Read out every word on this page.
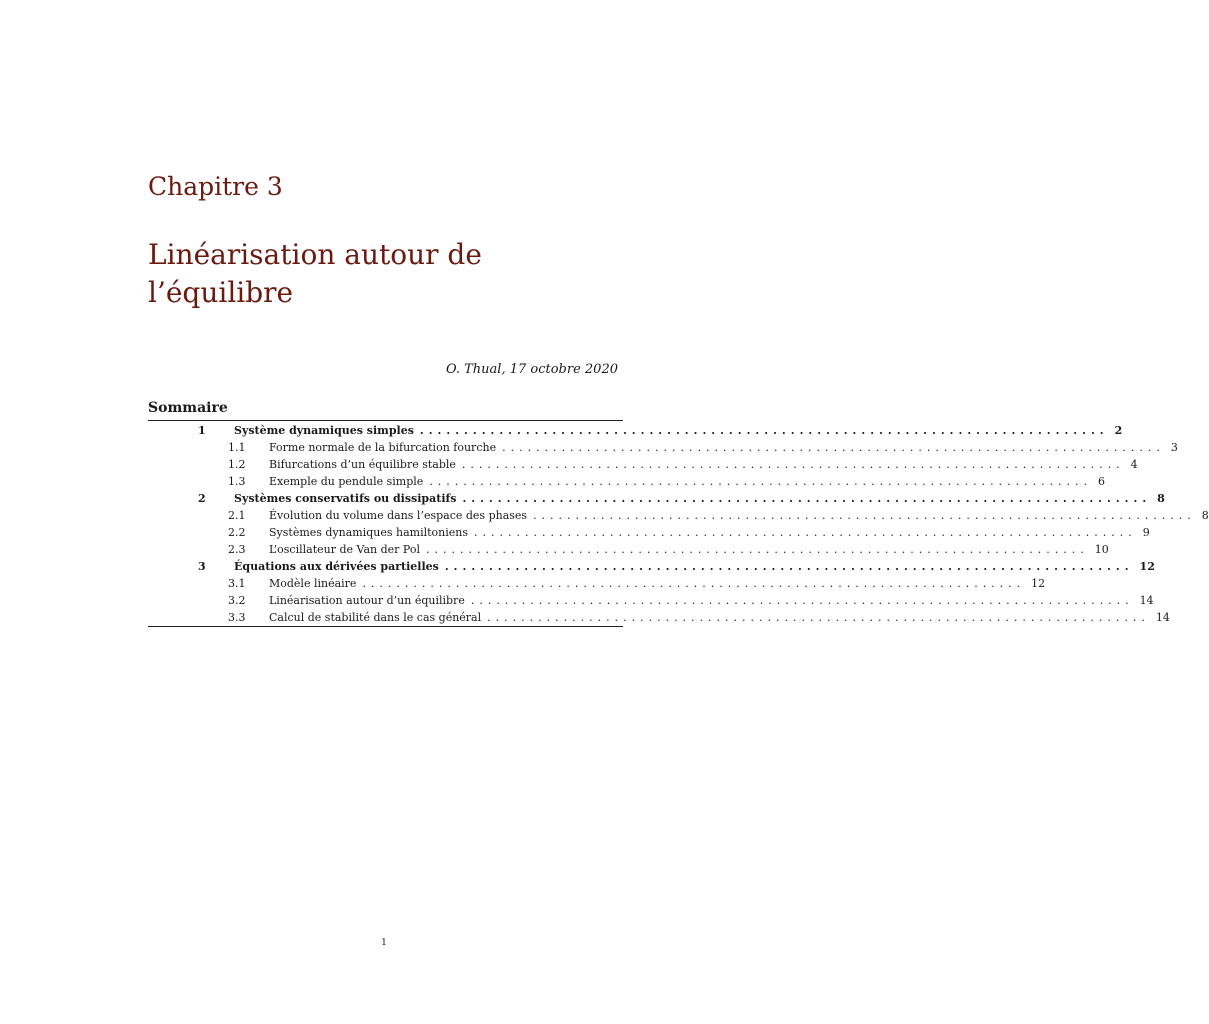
Chapitre 3
Linéarisation autour de
l’équilibre
O. Thual, 17 octobre 2020
Sommaire
1	Système dynamiques simples .............................................................................. 2
1.1 Forme normale de la bifurcation fourche .............................................................................. 3
1.2 Bifurcations d’un équilibre stable .............................................................................. 4
1.3 Exemple du pendule simple .............................................................................. 6
2	Systèmes conservatifs ou dissipatifs .............................................................................. 8
2.1 Évolution du volume dans l’espace des phases .............................................................................. 8
2.2 Systèmes dynamiques hamiltoniens .............................................................................. 9
2.3 L’oscillateur de Van der Pol .............................................................................. 10
3	Équations aux dérivées partielles .............................................................................. 12
3.1 Modèle linéaire .............................................................................. 12
3.2 Linéarisation autour d’un équilibre .............................................................................. 14
3.3 Calcul de stabilité dans le cas général .............................................................................. 14
1
